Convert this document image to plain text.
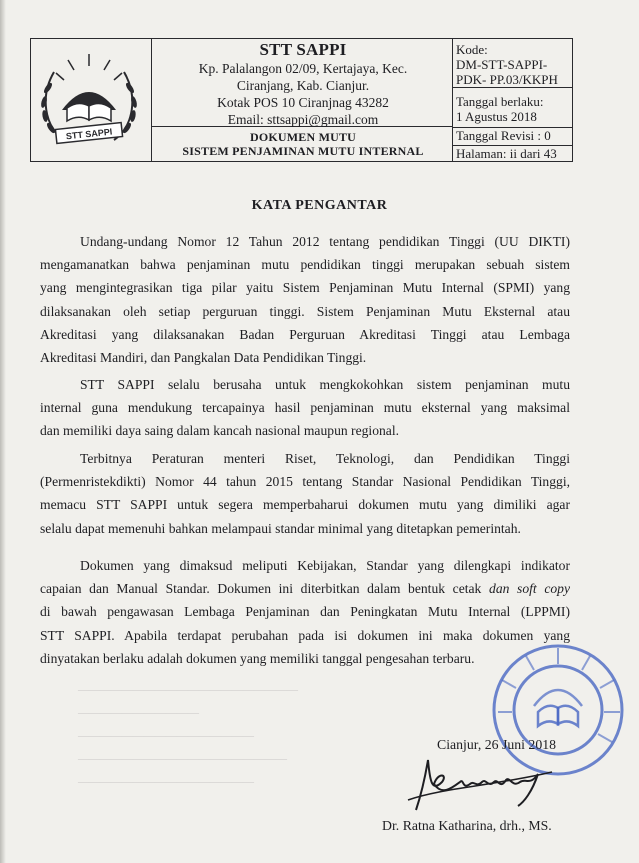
STT SAPPI
STT SAPPI
Kp. Palalangon 02/09, Kertajaya, Kec.
Ciranjang, Kab. Cianjur.
Kotak POS 10 Ciranjnag 43282
Email: sttsappi@gmail.com
DOKUMEN MUTU
SISTEM PENJAMINAN MUTU INTERNAL
Kode:
DM-STT-SAPPI-
PDK- PP.03/KKPH
Tanggal berlaku:
1 Agustus 2018
Tanggal Revisi : 0
Halaman: ii dari 43
KATA PENGANTAR
Undang-undang Nomor 12 Tahun 2012 tentang pendidikan Tinggi (UU DIKTI)
mengamanatkan bahwa penjaminan mutu pendidikan tinggi merupakan sebuah sistem
yang mengintegrasikan tiga pilar yaitu Sistem Penjaminan Mutu Internal (SPMI) yang
dilaksanakan oleh setiap perguruan tinggi. Sistem Penjaminan Mutu Eksternal atau
Akreditasi yang dilaksanakan Badan Perguruan Akreditasi Tinggi atau Lembaga
Akreditasi Mandiri, dan Pangkalan Data Pendidikan Tinggi.
STT SAPPI selalu berusaha untuk mengkokohkan sistem penjaminan mutu
internal guna mendukung tercapainya hasil penjaminan mutu eksternal yang maksimal
dan memiliki daya saing dalam kancah nasional maupun regional.
Terbitnya Peraturan menteri Riset, Teknologi, dan Pendidikan Tinggi
(Permenristekdikti) Nomor 44 tahun 2015 tentang Standar Nasional Pendidikan Tinggi,
memacu STT SAPPI untuk segera memperbaharui dokumen mutu yang dimiliki agar
selalu dapat memenuhi bahkan melampaui standar minimal yang ditetapkan pemerintah.
Dokumen yang dimaksud meliputi Kebijakan, Standar yang dilengkapi indikator
capaian dan Manual Standar. Dokumen ini diterbitkan dalam bentuk cetak dan soft copy
di bawah pengawasan Lembaga Penjaminan dan Peningkatan Mutu Internal (LPPMI)
STT SAPPI. Apabila terdapat perubahan pada isi dokumen ini maka dokumen yang
dinyatakan berlaku adalah dokumen yang memiliki tanggal pengesahan terbaru.
————————————————————
———————————
————————————————
———————————————————
————————————————
Cianjur, 26 Juni 2018
Dr. Ratna Katharina, drh., MS.
